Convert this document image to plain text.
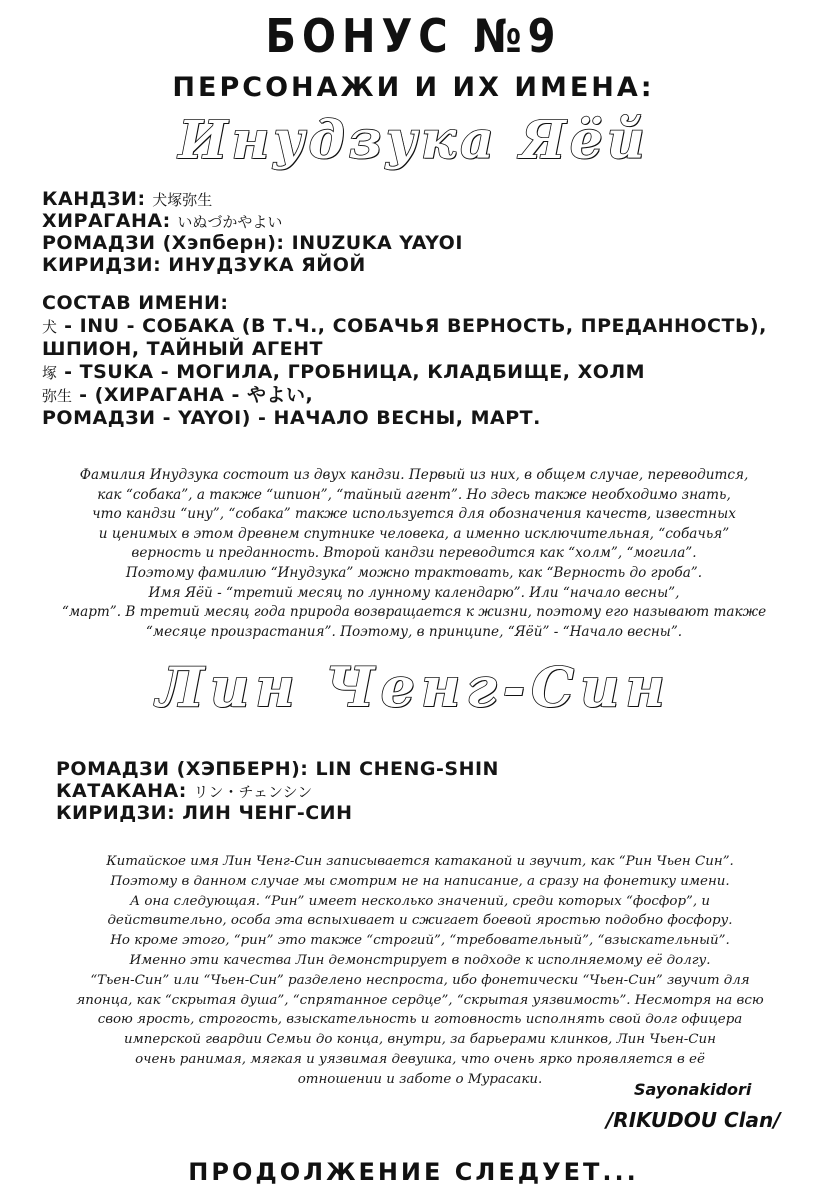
БОНУС №9
ПЕРСОНАЖИ И ИХ ИМЕНА:
Инудзука Яёй
КАНДЗИ: 犬塚弥生
ХИРАГАНА: いぬづかやよい
РОМАДЗИ (Хэпберн): INUZUKA YAYOI
КИРИДЗИ: ИНУДЗУКА ЯЙОЙ
СОСТАВ ИМЕНИ:
犬 - INU - СОБАКА (В Т.Ч., СОБАЧЬЯ ВЕРНОСТЬ, ПРЕДАННОСТЬ),
ШПИОН, ТАЙНЫЙ АГЕНТ
塚 - TSUKA - МОГИЛА, ГРОБНИЦА, КЛАДБИЩЕ, ХОЛМ
弥生 - (ХИРАГАНА - やよい,
РОМАДЗИ - YAYOI) - НАЧАЛО ВЕСНЫ, МАРТ.
Фамилия Инудзука состоит из двух кандзи. Первый из них, в общем случае, переводится,
как “собака”, а также “шпион”, “тайный агент”. Но здесь также необходимо знать,
что кандзи “ину”, “собака” также используется для обозначения качеств, известных
и ценимых в этом древнем спутнике человека, а именно исключительная, “собачья”
верность и преданность. Второй кандзи переводится как “холм”, “могила”.
Поэтому фамилию “Инудзука” можно трактовать, как “Верность до гроба”.
Имя Яёй - “третий месяц по лунному календарю”. Или “начало весны”,
“март”. В третий месяц года природа возвращается к жизни, поэтому его называют также
“месяце произрастания”. Поэтому, в принципе, “Яёй” - “Начало весны”.
Лин Ченг-Син
РОМАДЗИ (ХЭПБЕРН): LIN CHENG-SHIN
КАТАКАНА: リン・チェンシン
КИРИДЗИ: ЛИН ЧЕНГ-СИН
Китайское имя Лин Ченг-Син записывается катаканой и звучит, как “Рин Чьен Син”.
Поэтому в данном случае мы смотрим не на написание, а сразу на фонетику имени.
А она следующая. “Рин” имеет несколько значений, среди которых “фосфор”, и
действительно, особа эта вспыхивает и сжигает боевой яростью подобно фосфору.
Но кроме этого, “рин” это также “строгий”, “требовательный”, “взыскательный”.
Именно эти качества Лин демонстрирует в подходе к исполняемому её долгу.
“Тьен-Син” или “Чьен-Син” разделено неспроста, ибо фонетически “Чьен-Син” звучит для
японца, как “скрытая душа”, “спрятанное сердце”, “скрытая уязвимость”. Несмотря на всю
свою ярость, строгость, взыскательность и готовность исполнять свой долг офицера
имперской гвардии Семьи до конца, внутри, за барьерами клинков, Лин Чьен-Син
очень ранимая, мягкая и уязвимая девушка, что очень ярко проявляется в её
отношении и заботе о Мурасаки.
Sayonakidori
/RIKUDOU Clan/
ПРОДОЛЖЕНИЕ СЛЕДУЕТ...
